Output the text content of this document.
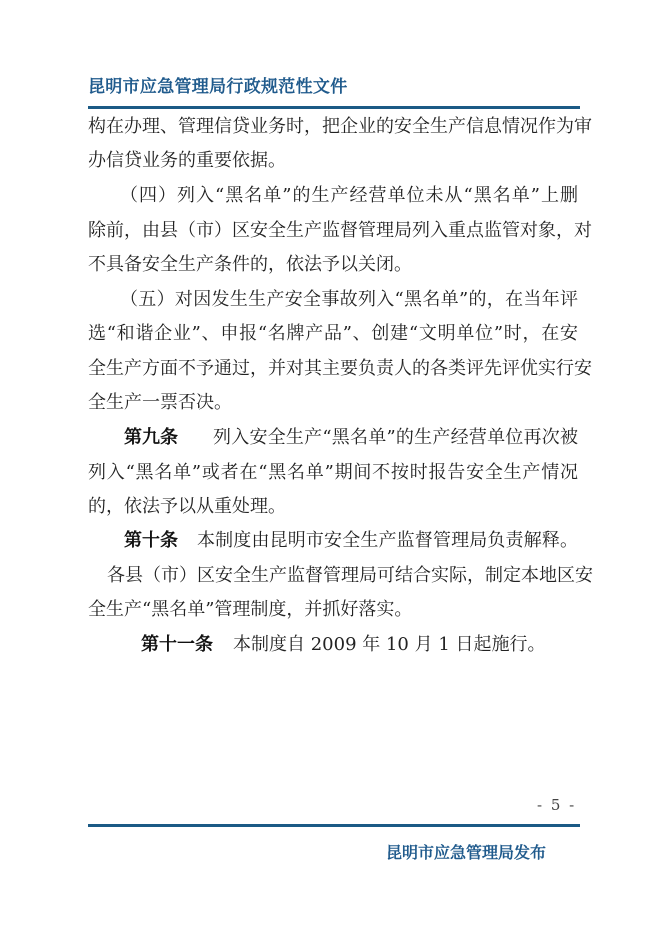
昆明市应急管理局行政规范性文件
构在办理、管理信贷业务时，把企业的安全生产信息情况作为审
办信贷业务的重要依据。
（四）列入“黑名单”的生产经营单位未从“黑名单”上删
除前，由县（市）区安全生产监督管理局列入重点监管对象，对
不具备安全生产条件的，依法予以关闭。
（五）对因发生生产安全事故列入“黑名单”的，在当年评
选“和谐企业”、申报“名牌产品”、创建“文明单位”时，在安
全生产方面不予通过，并对其主要负责人的各类评先评优实行安
全生产一票否决。
第九条 列入安全生产“黑名单”的生产经营单位再次被
列入“黑名单”或者在“黑名单”期间不按时报告安全生产情况
的，依法予以从重处理。
第十条 本制度由昆明市安全生产监督管理局负责解释。
各县（市）区安全生产监督管理局可结合实际，制定本地区安
全生产“黑名单”管理制度，并抓好落实。
第十一条 本制度自 2009 年 10 月 1 日起施行。
- 5 -
昆明市应急管理局发布
